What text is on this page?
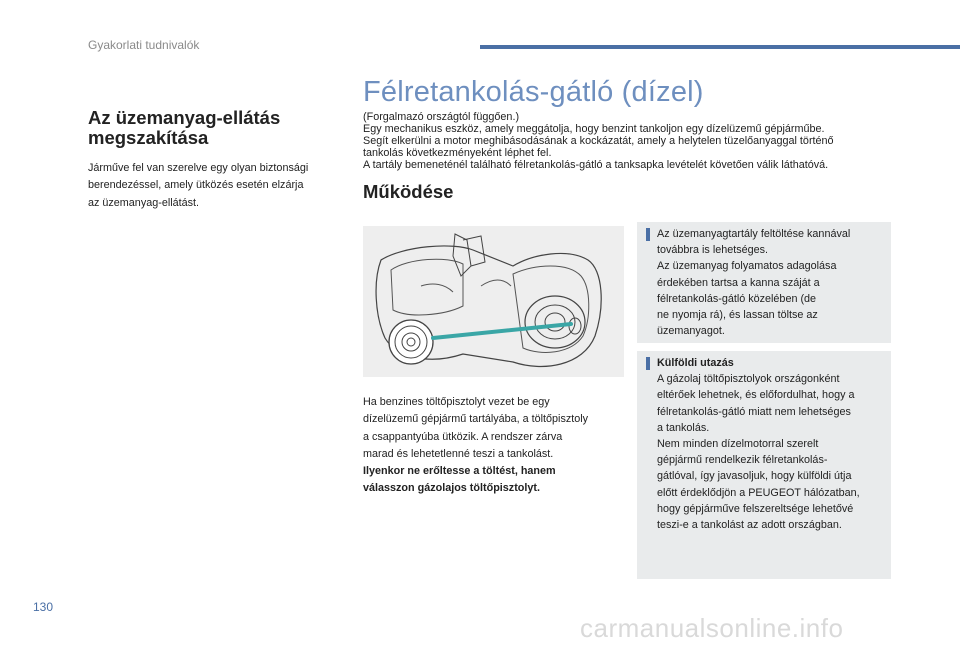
Gyakorlati tudnivalók
Az üzemanyag-ellátás
megszakítása
Járműve fel van szerelve egy olyan biztonsági
berendezéssel, amely ütközés esetén elzárja
az üzemanyag-ellátást.
Félretankolás-gátló (dízel)
(Forgalmazó országtól függően.)
Egy mechanikus eszköz, amely meggátolja, hogy benzint tankoljon egy dízelüzemű gépjárműbe.
Segít elkerülni a motor meghibásodásának a kockázatát, amely a helytelen tüzelőanyaggal történő
tankolás következményeként léphet fel.
A tartály bemeneténél található félretankolás-gátló a tanksapka levételét követően válik láthatóvá.
Működése
Ha benzines töltőpisztolyt vezet be egy
dízelüzemű gépjármű tartályába, a töltőpisztoly
a csappantyúba ütközik. A rendszer zárva
marad és lehetetlenné teszi a tankolást.
Ilyenkor ne erőltesse a töltést, hanem
válasszon gázolajos töltőpisztolyt.
Az üzemanyagtartály feltöltése kannával
továbbra is lehetséges.
Az üzemanyag folyamatos adagolása
érdekében tartsa a kanna száját a
félretankolás-gátló közelében (de
ne nyomja rá), és lassan töltse az
üzemanyagot.
Külföldi utazás
A gázolaj töltőpisztolyok országonként
eltérőek lehetnek, és előfordulhat, hogy a
félretankolás-gátló miatt nem lehetséges
a tankolás.
Nem minden dízelmotorral szerelt
gépjármű rendelkezik félretankolás-
gátlóval, így javasoljuk, hogy külföldi útja
előtt érdeklődjön a PEUGEOT hálózatban,
hogy gépjárműve felszereltsége lehetővé
teszi-e a tankolást az adott országban.
130
carmanualsonline.info
